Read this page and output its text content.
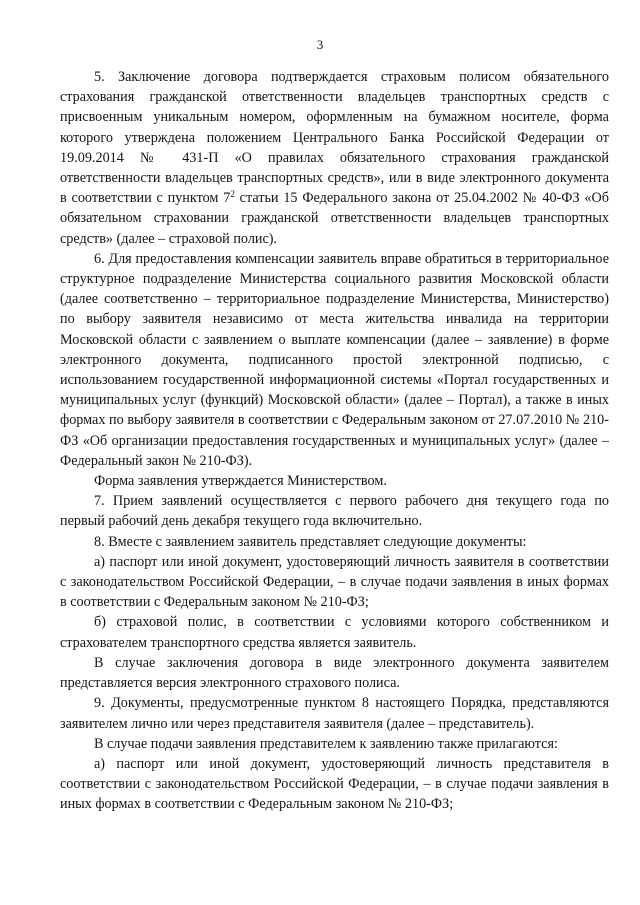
3

5. Заключение договора подтверждается страховым полисом обязательного страхования гражданской ответственности владельцев транспортных средств с присвоенным уникальным номером, оформленным на бумажном носителе, форма которого утверждена положением Центрального Банка Российской Федерации от 19.09.2014 № 431-П «О правилах обязательного страхования гражданской ответственности владельцев транспортных средств», или в виде электронного документа в соответствии с пунктом $7^2$ статьи 15 Федерального закона от 25.04.2002 № 40-ФЗ «Об обязательном страховании гражданской ответственности владельцев транспортных средств» (далее – страховой полис).

6. Для предоставления компенсации заявитель вправе обратиться в территориальное структурное подразделение Министерства социального развития Московской области (далее соответственно – территориальное подразделение Министерства, Министерство) по выбору заявителя независимо от места жительства инвалида на территории Московской области с заявлением о выплате компенсации (далее – заявление) в форме электронного документа, подписанного простой электронной подписью, с использованием государственной информационной системы «Портал государственных и муниципальных услуг (функций) Московской области» (далее – Портал), а также в иных формах по выбору заявителя в соответствии с Федеральным законом от 27.07.2010 № 210-ФЗ «Об организации предоставления государственных и муниципальных услуг» (далее – Федеральный закон № 210-ФЗ).

Форма заявления утверждается Министерством.

7. Прием заявлений осуществляется с первого рабочего дня текущего года по первый рабочий день декабря текущего года включительно.

8. Вместе с заявлением заявитель представляет следующие документы:

а) паспорт или иной документ, удостоверяющий личность заявителя в соответствии с законодательством Российской Федерации, – в случае подачи заявления в иных формах в соответствии с Федеральным законом № 210-ФЗ;

б) страховой полис, в соответствии с условиями которого собственником и страхователем транспортного средства является заявитель.

В случае заключения договора в виде электронного документа заявителем представляется версия электронного страхового полиса.

9. Документы, предусмотренные пунктом 8 настоящего Порядка, представляются заявителем лично или через представителя заявителя (далее – представитель).

В случае подачи заявления представителем к заявлению также прилагаются:

а) паспорт или иной документ, удостоверяющий личность представителя в соответствии с законодательством Российской Федерации, – в случае подачи заявления в иных формах в соответствии с Федеральным законом № 210-ФЗ;
